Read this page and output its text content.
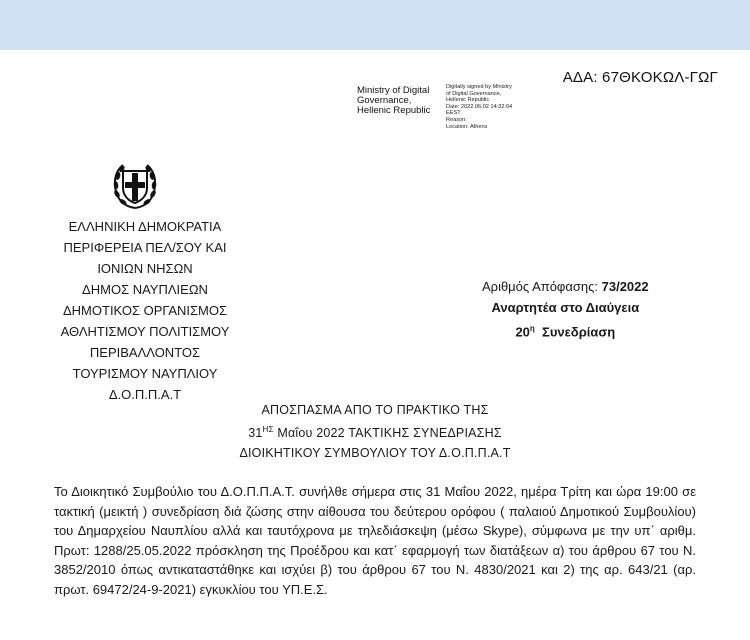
ΑΔΑ: 67ΘΚΟΚΩΛ-ΓΩΓ
Ministry of Digital
Governance,
Hellenic Republic
Digitally signed by Ministry
of Digital Governance,
Hellenic Republic
Date: 2022.06.02 14:32:04
EEST
Reason:
Location: Athens
ΕΛΛΗΝΙΚΗ ΔΗΜΟΚΡΑΤΙΑ
ΠΕΡΙΦΕΡΕΙΑ ΠΕΛ/ΣΟΥ ΚΑΙ
ΙΟΝΙΩΝ ΝΗΣΩΝ
ΔΗΜΟΣ ΝΑΥΠΛΙΕΩΝ
ΔΗΜΟΤΙΚΟΣ ΟΡΓΑΝΙΣΜΟΣ
ΑΘΛΗΤΙΣΜΟΥ ΠΟΛΙΤΙΣΜΟΥ
ΠΕΡΙΒΑΛΛΟΝΤΟΣ
ΤΟΥΡΙΣΜΟΥ ΝΑΥΠΛΙΟΥ
Δ.Ο.Π.Π.Α.Τ
Αριθμός Απόφασης: 73/2022
Αναρτητέα στο Διαύγεια
$20^\eta$  Συνεδρίαση
ΑΠΟΣΠΑΣΜΑ ΑΠΟ ΤΟ ΠΡΑΚΤΙΚΟ ΤΗΣ
$31^{H\Sigma}$ Μαΐου 2022 ΤΑΚΤΙΚΗΣ ΣΥΝΕΔΡΙΑΣΗΣ
ΔΙΟΙΚΗΤΙΚΟΥ ΣΥΜΒΟΥΛΙΟΥ ΤΟΥ Δ.Ο.Π.Π.Α.Τ
Το Διοικητικό Συμβούλιο του Δ.Ο.Π.Π.Α.Τ. συνήλθε σήμερα στις 31 Μαΐου 2022, ημέρα Τρίτη και ώρα 19:00 σε τακτική (μεικτή ) συνεδρίαση διά ζώσης στην αίθουσα του δεύτερου ορόφου ( παλαιού Δημοτικού Συμβουλίου) του Δημαρχείου Ναυπλίου αλλά και ταυτόχρονα με τηλεδιάσκεψη (μέσω Skype), σύμφωνα με την υπ΄ αριθμ. Πρωτ: 1288/25.05.2022 πρόσκληση της Προέδρου και κατ΄ εφαρμογή των διατάξεων α) του άρθρου 67 του Ν. 3852/2010 όπως αντικαταστάθηκε και ισχύει β) του άρθρου 67 του Ν. 4830/2021 και 2) της αρ. 643/21 (αρ. πρωτ. 69472/24-9-2021) εγκυκλίου του ΥΠ.Ε.Σ.
